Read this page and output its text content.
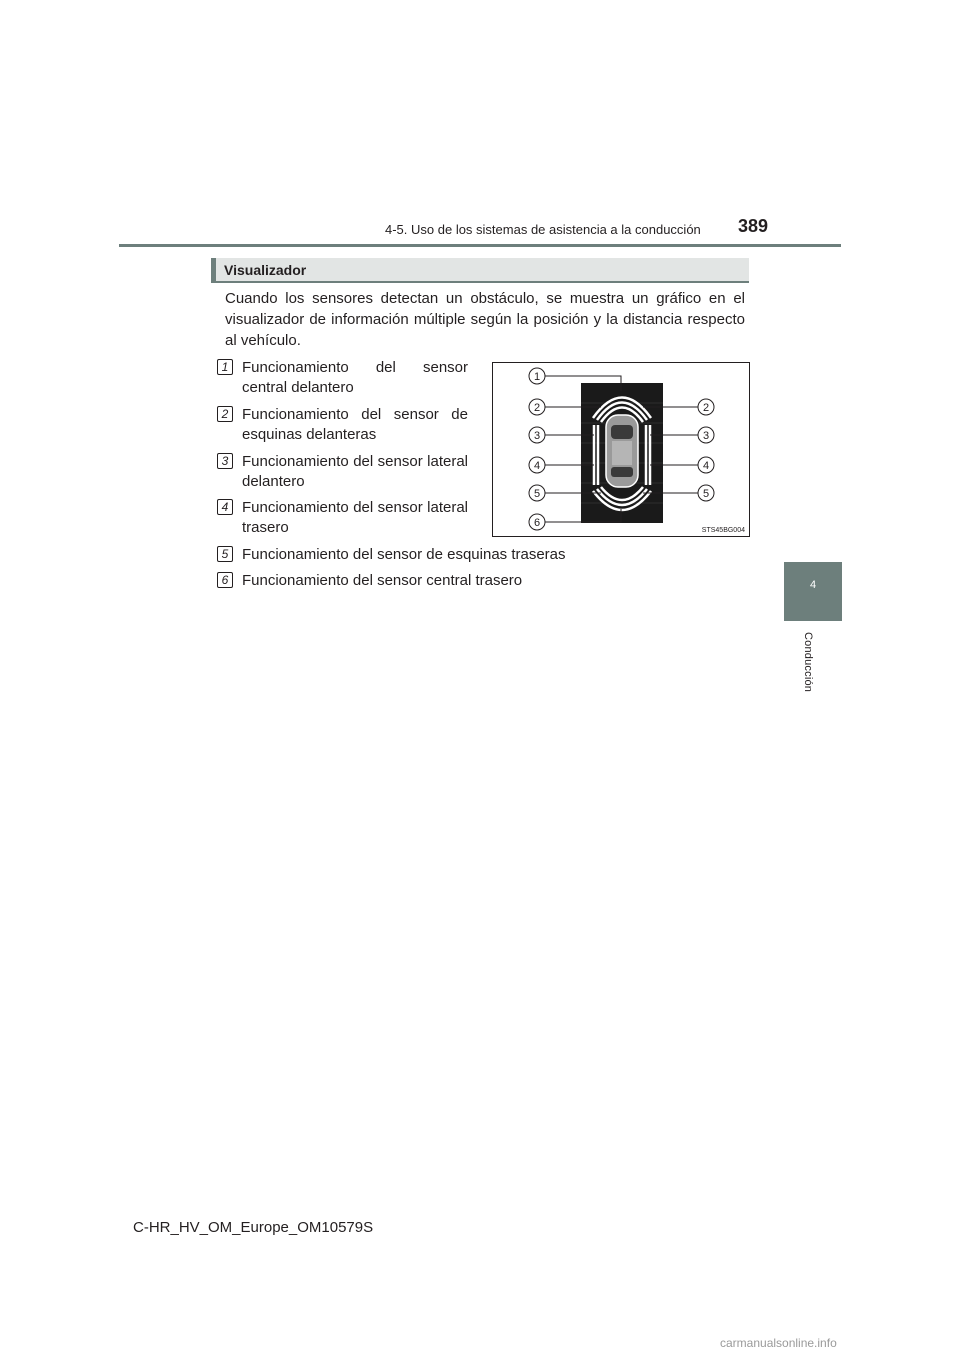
4-5. Uso de los sistemas de asistencia a la conducción 389
4
Conducción
Visualizador
Cuando los sensores detectan un obstáculo, se muestra un gráfico en el visualizador de información múltiple según la posición y la distancia respecto al vehículo.
1 Funcionamiento del sensor central delantero
2 Funcionamiento del sensor de esquinas delanteras
3 Funcionamiento del sensor lateral delantero
4 Funcionamiento del sensor lateral trasero
5 Funcionamiento del sensor de esquinas traseras
6 Funcionamiento del sensor central trasero
1
2
3
4
5
6
2
3
4
5
STS45BG004
C-HR_HV_OM_Europe_OM10579S
carmanualsonline.info
